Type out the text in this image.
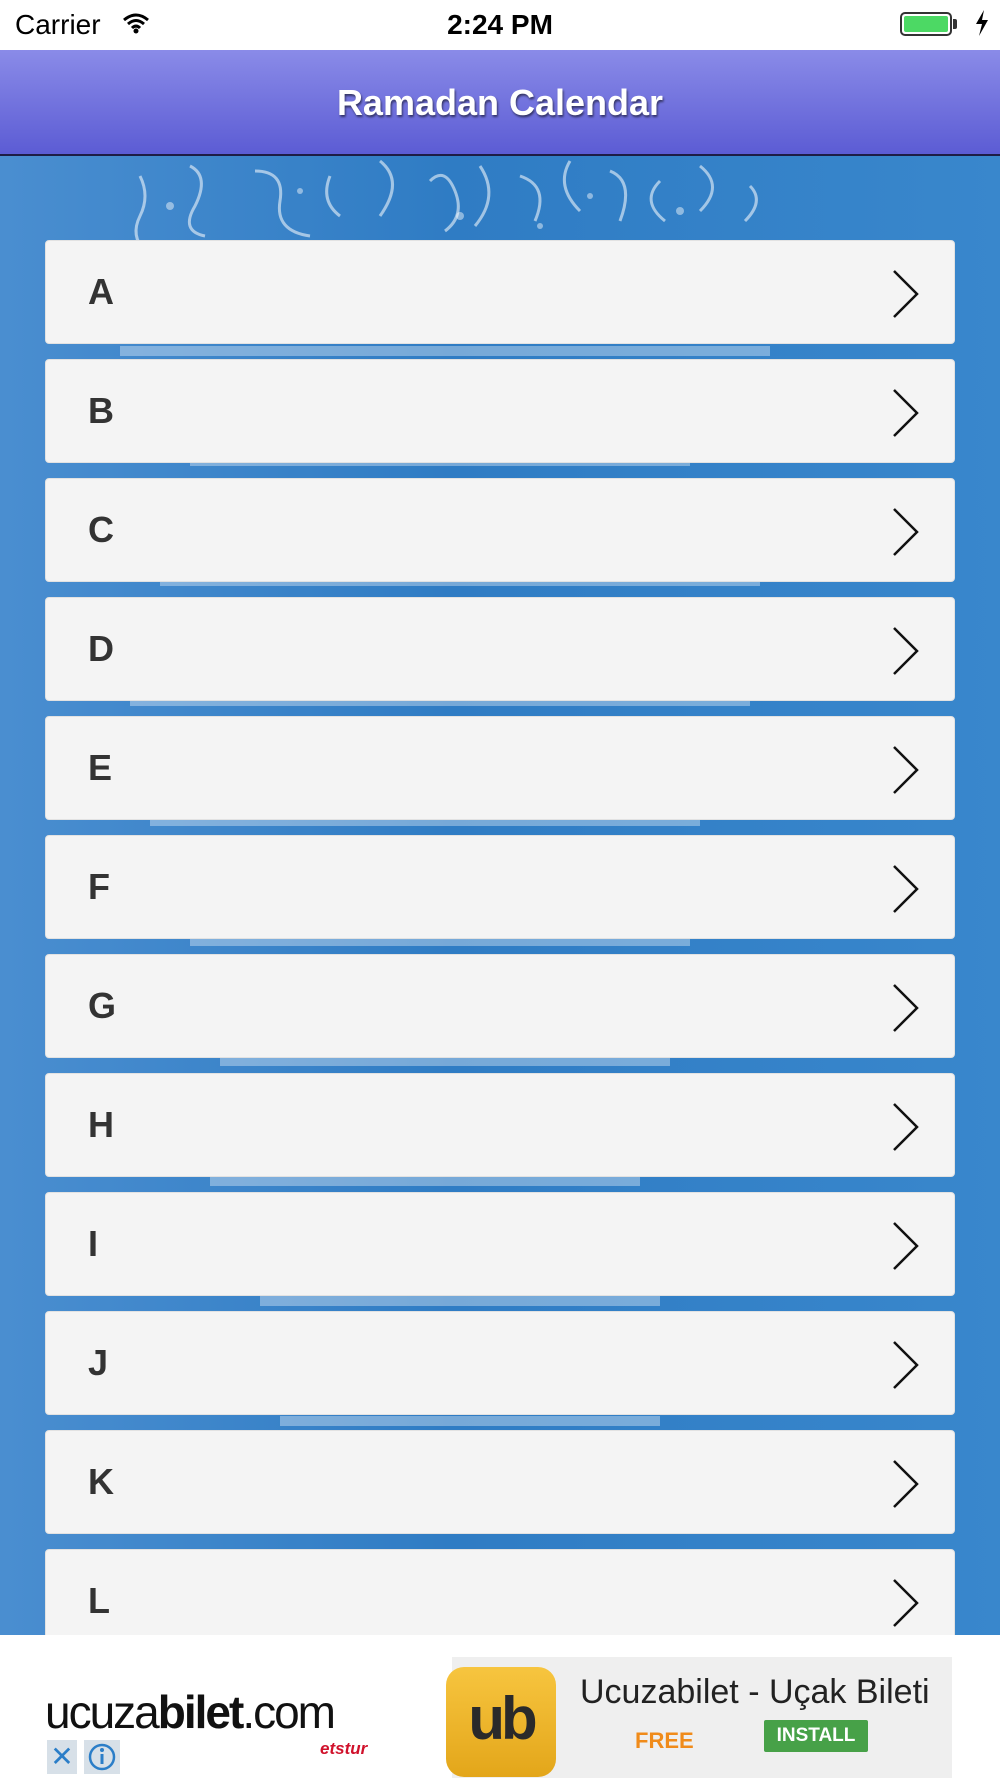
Carrier	2:24 PM
Ramadan Calendar
A
B
C
D
E
F
G
H
I
J
K
L
ucuzabilet.com
etstur
✕
ub	Ucuzabilet - Uçak Bileti
FREE	INSTALL
